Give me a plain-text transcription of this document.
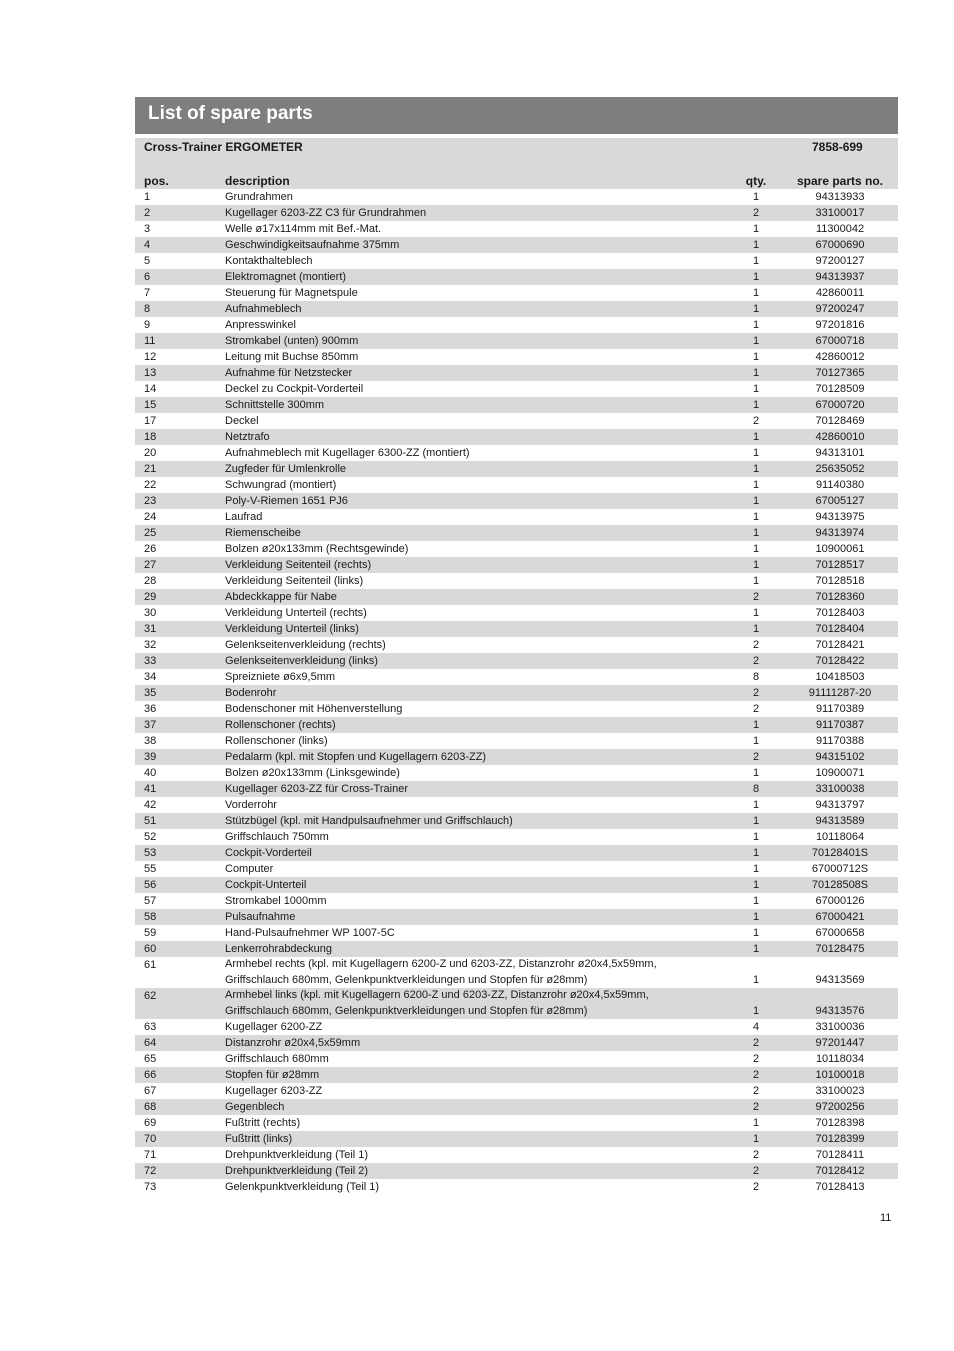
List of spare parts
Cross-Trainer ERGOMETER	7858-699
pos.	description	qty.	spare parts no.
1	Grundrahmen	1	94313933
2	Kugellager 6203-ZZ C3 für Grundrahmen	2	33100017
3	Welle ø17x114mm mit Bef.-Mat.	1	11300042
4	Geschwindigkeitsaufnahme 375mm	1	67000690
5	Kontakthalteblech	1	97200127
6	Elektromagnet (montiert)	1	94313937
7	Steuerung für Magnetspule	1	42860011
8	Aufnahmeblech	1	97200247
9	Anpresswinkel	1	97201816
11	Stromkabel (unten) 900mm	1	67000718
12	Leitung mit Buchse 850mm	1	42860012
13	Aufnahme für Netzstecker	1	70127365
14	Deckel zu Cockpit-Vorderteil	1	70128509
15	Schnittstelle 300mm	1	67000720
17	Deckel	2	70128469
18	Netztrafo	1	42860010
20	Aufnahmeblech mit Kugellager 6300-ZZ (montiert)	1	94313101
21	Zugfeder für Umlenkrolle	1	25635052
22	Schwungrad (montiert)	1	91140380
23	Poly-V-Riemen 1651 PJ6	1	67005127
24	Laufrad	1	94313975
25	Riemenscheibe	1	94313974
26	Bolzen ø20x133mm (Rechtsgewinde)	1	10900061
27	Verkleidung Seitenteil (rechts)	1	70128517
28	Verkleidung Seitenteil (links)	1	70128518
29	Abdeckkappe für Nabe	2	70128360
30	Verkleidung Unterteil (rechts)	1	70128403
31	Verkleidung Unterteil (links)	1	70128404
32	Gelenkseitenverkleidung (rechts)	2	70128421
33	Gelenkseitenverkleidung (links)	2	70128422
34	Spreizniete ø6x9,5mm	8	10418503
35	Bodenrohr	2	91111287-20
36	Bodenschoner mit Höhenverstellung	2	91170389
37	Rollenschoner (rechts)	1	91170387
38	Rollenschoner (links)	1	91170388
39	Pedalarm (kpl. mit Stopfen und Kugellagern 6203-ZZ)	2	94315102
40	Bolzen ø20x133mm (Linksgewinde)	1	10900071
41	Kugellager 6203-ZZ für Cross-Trainer	8	33100038
42	Vorderrohr	1	94313797
51	Stützbügel (kpl. mit Handpulsaufnehmer und Griffschlauch)	1	94313589
52	Griffschlauch 750mm	1	10118064
53	Cockpit-Vorderteil	1	70128401S
55	Computer	1	67000712S
56	Cockpit-Unterteil	1	70128508S
57	Stromkabel 1000mm	1	67000126
58	Pulsaufnahme	1	67000421
59	Hand-Pulsaufnehmer WP 1007-5C	1	67000658
60	Lenkerrohrabdeckung	1	70128475
61	Armhebel rechts (kpl. mit Kugellagern 6200-Z und 6203-ZZ, Distanzrohr ø20x4,5x59mm, Griffschlauch 680mm, Gelenkpunktverkleidungen und Stopfen für ø28mm)	1	94313569
62	Armhebel links (kpl. mit Kugellagern 6200-Z und 6203-ZZ, Distanzrohr ø20x4,5x59mm, Griffschlauch 680mm, Gelenkpunktverkleidungen und Stopfen für ø28mm)	1	94313576
63	Kugellager 6200-ZZ	4	33100036
64	Distanzrohr ø20x4,5x59mm	2	97201447
65	Griffschlauch 680mm	2	10118034
66	Stopfen für ø28mm	2	10100018
67	Kugellager 6203-ZZ	2	33100023
68	Gegenblech	2	97200256
69	Fußtritt (rechts)	1	70128398
70	Fußtritt (links)	1	70128399
71	Drehpunktverkleidung (Teil 1)	2	70128411
72	Drehpunktverkleidung (Teil 2)	2	70128412
73	Gelenkpunktverkleidung (Teil 1)	2	70128413
11
